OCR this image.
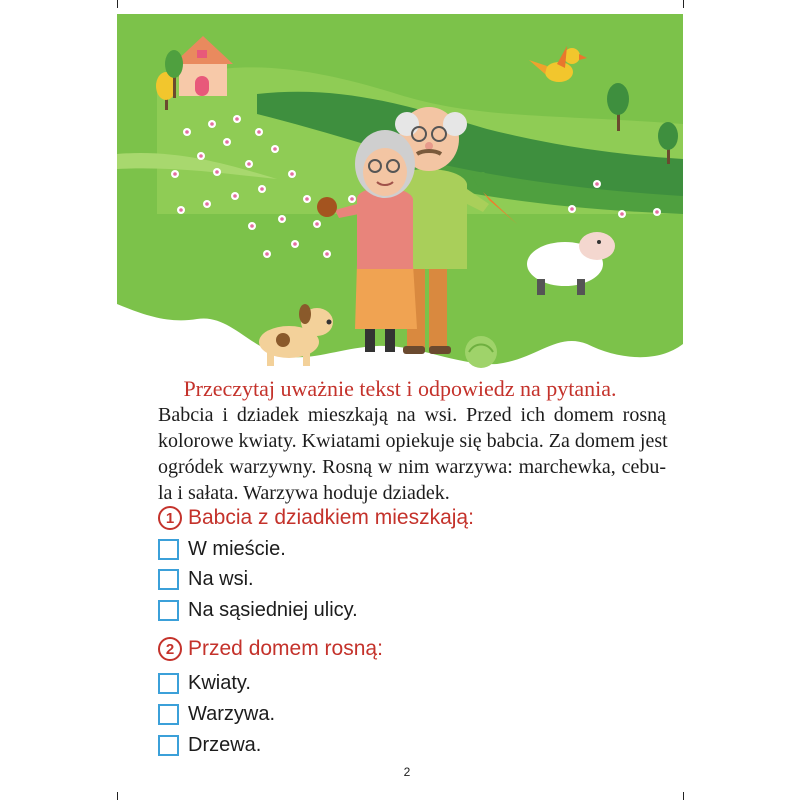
Przeczytaj uważnie tekst i odpowiedz na pytania.
Babcia i dziadek mieszkają na wsi. Przed ich domem rosną
kolorowe kwiaty. Kwiatami opiekuje się babcia. Za domem jest
ogródek warzywny. Rosną w nim warzywa: marchewka, cebu-
la i sałata. Warzywa hoduje dziadek.
1 Babcia z dziadkiem mieszkają:
W mieście.
Na wsi.
Na sąsiedniej ulicy.
2 Przed domem rosną:
Kwiaty.
Warzywa.
Drzewa.
2
